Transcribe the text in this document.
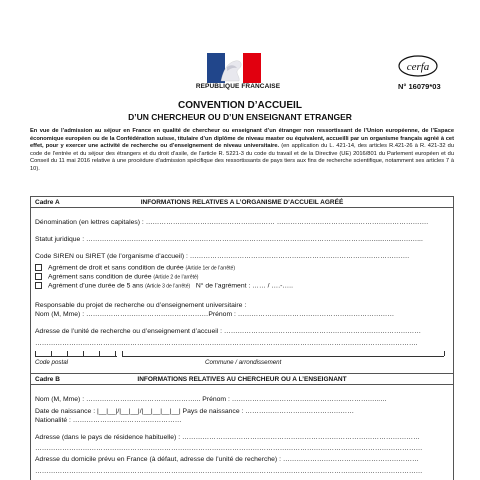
REPUBLIQUE FRANCAISE
cerfa
N° 16079*03
CONVENTION D’ACCUEIL
D’UN CHERCHEUR OU D’UN ENSEIGNANT ETRANGER
En vue de l’admission au séjour en France en qualité de chercheur ou enseignant d’un étranger non ressortissant de l’Union européenne, de l’Espace économique européen ou de la Confédération suisse, titulaire d’un diplôme de niveau master ou équivalent, accueilli par un organisme français agréé à cet effet, pour y exercer une activité de recherche ou d’enseignement de niveau universitaire. (en application du L. 421-14, des articles R.421-26 à R. 421-32 du code de l’entrée et du séjour des étrangers et du droit d’asile, de l’article R. 5221-3 du code du travail et de la Directive (UE) 2016/801 du Parlement européen et du Conseil du 11 mai 2016 relative à une procédure d’admission spécifique des ressortissants de pays tiers aux fins de recherche scientifique, notamment ses articles 7 à 10).
INFORMATIONS RELATIVES A L’ORGANISME D’ACCUEIL AGRÉÉ
Cadre A
Dénomination (en lettres capitales) : ………………………………………………… ………………………………………………………….
Statut juridique : ……………………………………………………………………………………………………………….................……...
Code SIREN ou SIRET (de l’organisme d’accueil) : …………………………………………………………………………………….
Agrément de droit et sans condition de durée (Article 1er de l’arrêté)
Agrément sans condition de durée (Article 2 de l’arrêté)
Agrément d’une durée de 5 ans (Article 3 de l’arrêté) N° de l’agrément : …… / ….-…..
Responsable du projet de recherche ou d’enseignement universitaire :
Nom (M, Mme) : ………………………………………………Prénom : ……………………………………………………………
Adresse de l’unité de recherche ou d’enseignement d’accueil : ……………………………………………………………………………
…………………………………………………………………………………………………………………………………………………….
Code postal	Commune / arrondissement
INFORMATIONS RELATIVES AU CHERCHEUR OU A L’ENSEIGNANT
Cadre B
Nom (M, Mme) : …………………………………………... Prénom : ………………………………………………………...…
Date de naissance : |__|__|/|__|__|/|__|__|__|__| Pays de naissance : …………………………………………
Nationalité : …………………………………………
Adresse (dans le pays de résidence habituelle) : ……………………………………………………………………………………………
………………………………………………………………………………………………………………………………………………………
Adresse du domicile prévu en France (à défaut, adresse de l’unité de recherche) : ……………………………………………………
………………………………………………………………………………………………………………………………………………………
